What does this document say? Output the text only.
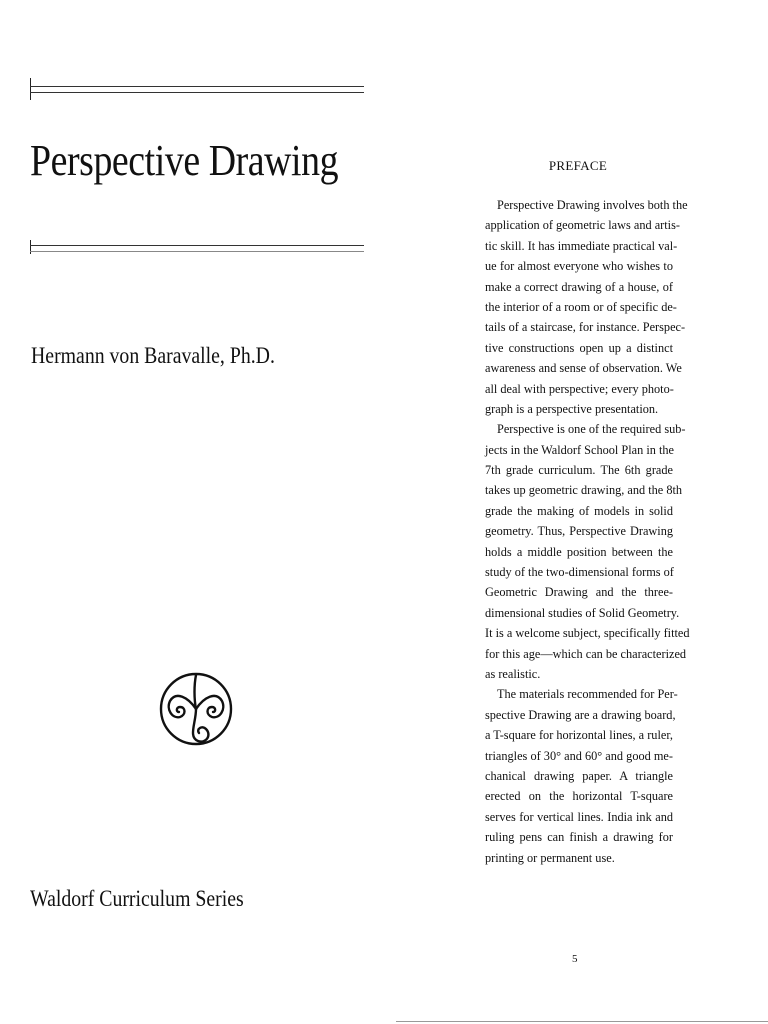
Perspective Drawing
Hermann von Baravalle, Ph.D.
Waldorf Curriculum Series
PREFACE

Perspective Drawing involves both the
application of geometric laws and artis-
tic skill. It has immediate practical val-
ue for almost everyone who wishes to
make a correct drawing of a house, of
the interior of a room or of specific de-
tails of a staircase, for instance. Perspec-
tive constructions open up a distinct
awareness and sense of observation. We
all deal with perspective; every photo-
graph is a perspective presentation.

Perspective is one of the required sub-
jects in the Waldorf School Plan in the
7th grade curriculum. The 6th grade
takes up geometric drawing, and the 8th
grade the making of models in solid
geometry. Thus, Perspective Drawing
holds a middle position between the
study of the two-dimensional forms of
Geometric Drawing and the three-
dimensional studies of Solid Geometry.
It is a welcome subject, specifically fitted
for this age—which can be characterized
as realistic.

The materials recommended for Per-
spective Drawing are a drawing board,
a T-square for horizontal lines, a ruler,
triangles of 30° and 60° and good me-
chanical drawing paper. A triangle
erected on the horizontal T-square
serves for vertical lines. India ink and
ruling pens can finish a drawing for
printing or permanent use.

5
